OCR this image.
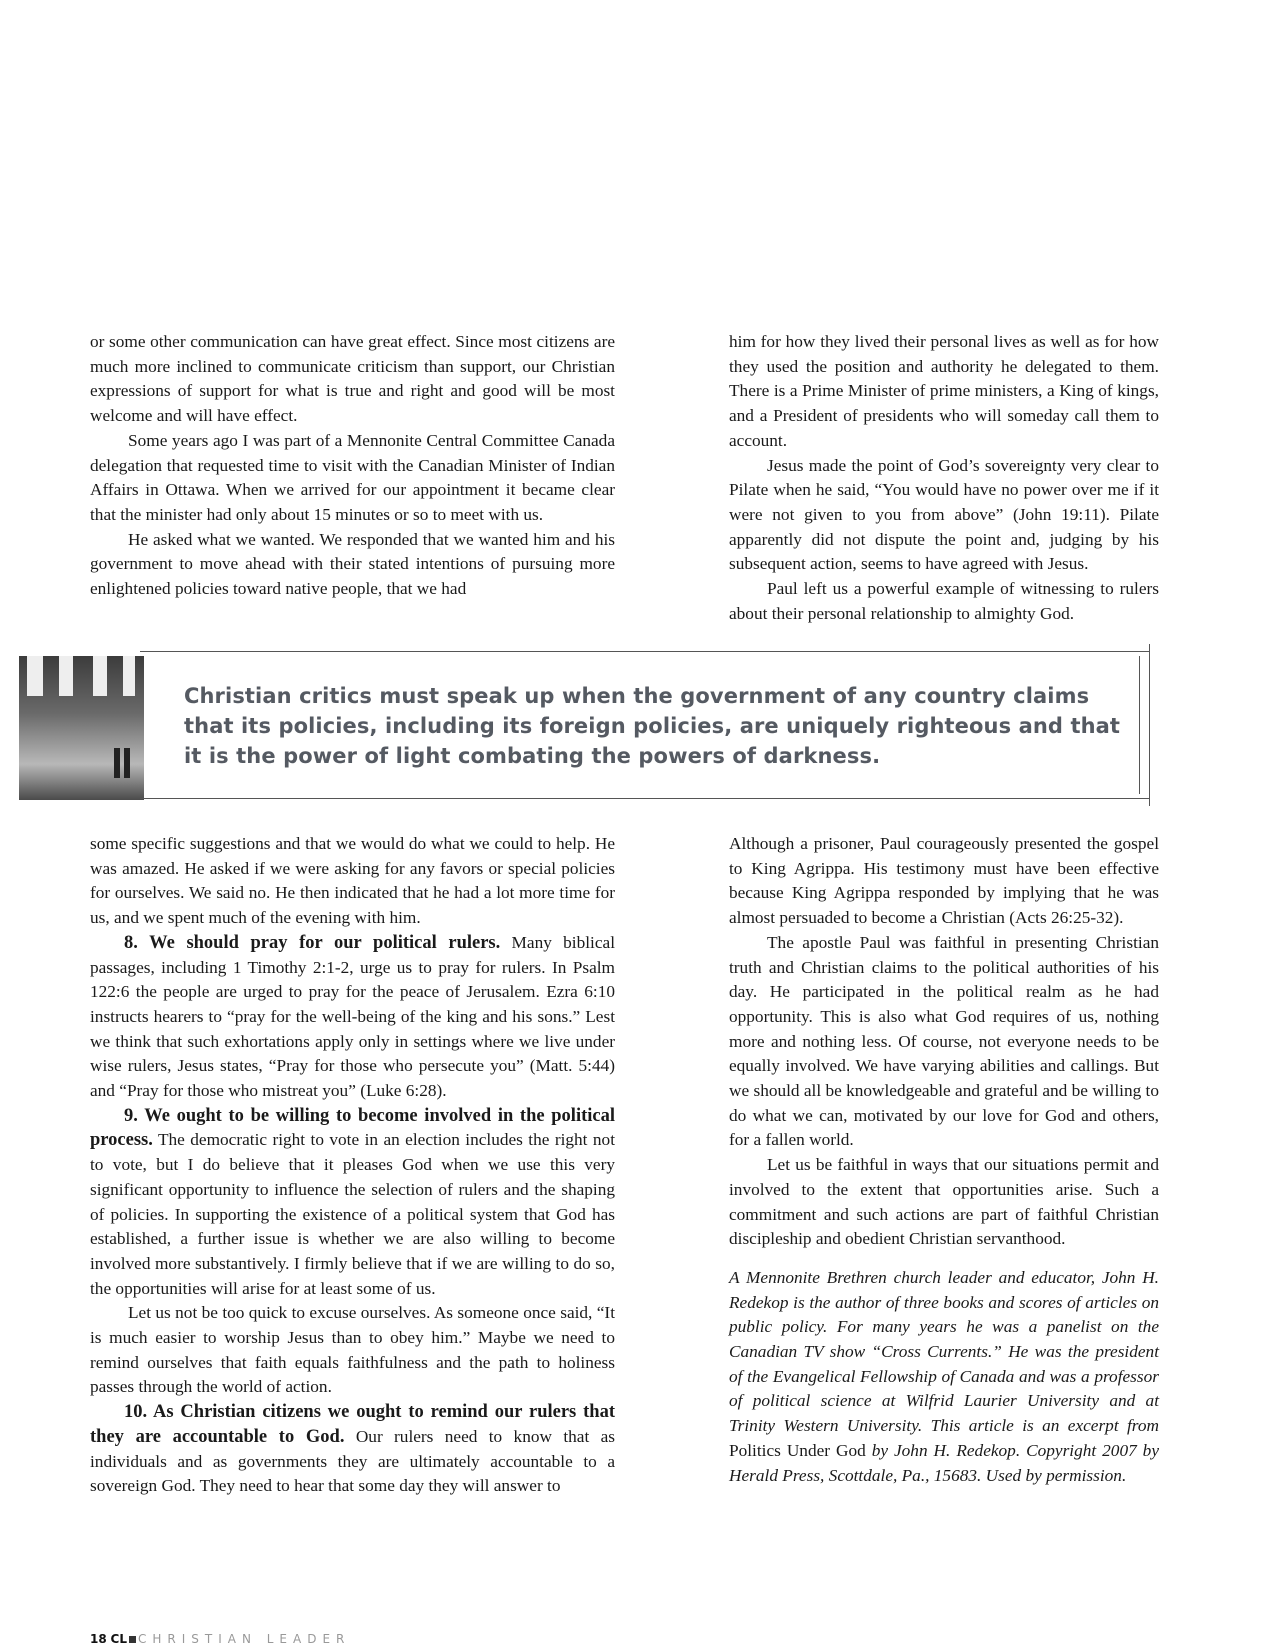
or some other communication can have great effect. Since most citizens are much more inclined to communicate criticism than support, our Christian expressions of support for what is true and right and good will be most welcome and will have effect.

Some years ago I was part of a Mennonite Central Committee Canada delegation that requested time to visit with the Canadian Minister of Indian Affairs in Ottawa. When we arrived for our appointment it became clear that the minister had only about 15 minutes or so to meet with us.

He asked what we wanted. We responded that we wanted him and his government to move ahead with their stated intentions of pursuing more enlightened policies toward native people, that we had

him for how they lived their personal lives as well as for how they used the position and authority he delegated to them. There is a Prime Minister of prime ministers, a King of kings, and a President of presidents who will someday call them to account.

Jesus made the point of God’s sovereignty very clear to Pilate when he said, “You would have no power over me if it were not given to you from above” (John 19:11). Pilate apparently did not dispute the point and, judging by his subsequent action, seems to have agreed with Jesus.

Paul left us a powerful example of witnessing to rulers about their personal relationship to almighty God.

Christian critics must speak up when the government of any country claims that its policies, including its foreign policies, are uniquely righteous and that it is the power of light combating the powers of darkness.

some specific suggestions and that we would do what we could to help. He was amazed. He asked if we were asking for any favors or special policies for ourselves. We said no. He then indicated that he had a lot more time for us, and we spent much of the evening with him.

8. We should pray for our political rulers. Many biblical passages, including 1 Timothy 2:1-2, urge us to pray for rulers. In Psalm 122:6 the people are urged to pray for the peace of Jerusalem. Ezra 6:10 instructs hearers to “pray for the well-being of the king and his sons.” Lest we think that such exhortations apply only in settings where we live under wise rulers, Jesus states, “Pray for those who persecute you” (Matt. 5:44) and “Pray for those who mistreat you” (Luke 6:28).

9. We ought to be willing to become involved in the political process. The democratic right to vote in an election includes the right not to vote, but I do believe that it pleases God when we use this very significant opportunity to influence the selection of rulers and the shaping of policies. In supporting the existence of a political system that God has established, a further issue is whether we are also willing to become involved more substantively. I firmly believe that if we are willing to do so, the opportunities will arise for at least some of us.

Let us not be too quick to excuse ourselves. As someone once said, “It is much easier to worship Jesus than to obey him.” Maybe we need to remind ourselves that faith equals faithfulness and the path to holiness passes through the world of action.

10. As Christian citizens we ought to remind our rulers that they are accountable to God. Our rulers need to know that as individuals and as governments they are ultimately accountable to a sovereign God. They need to hear that some day they will answer to

Although a prisoner, Paul courageously presented the gospel to King Agrippa. His testimony must have been effective because King Agrippa responded by implying that he was almost persuaded to become a Christian (Acts 26:25-32).

The apostle Paul was faithful in presenting Christian truth and Christian claims to the political authorities of his day. He participated in the political realm as he had opportunity. This is also what God requires of us, nothing more and nothing less. Of course, not everyone needs to be equally involved. We have varying abilities and callings. But we should all be knowledgeable and grateful and be willing to do what we can, motivated by our love for God and others, for a fallen world.

Let us be faithful in ways that our situations permit and involved to the extent that opportunities arise. Such a commitment and such actions are part of faithful Christian discipleship and obedient Christian servanthood.

A Mennonite Brethren church leader and educator, John H. Redekop is the author of three books and scores of articles on public policy. For many years he was a panelist on the Canadian TV show “Cross Currents.” He was the president of the Evangelical Fellowship of Canada and was a professor of political science at Wilfrid Laurier University and at Trinity Western University. This article is an excerpt from Politics Under God by John H. Redekop. Copyright 2007 by Herald Press, Scottdale, Pa., 15683. Used by permission.

18 CL CHRISTIAN LEADER
